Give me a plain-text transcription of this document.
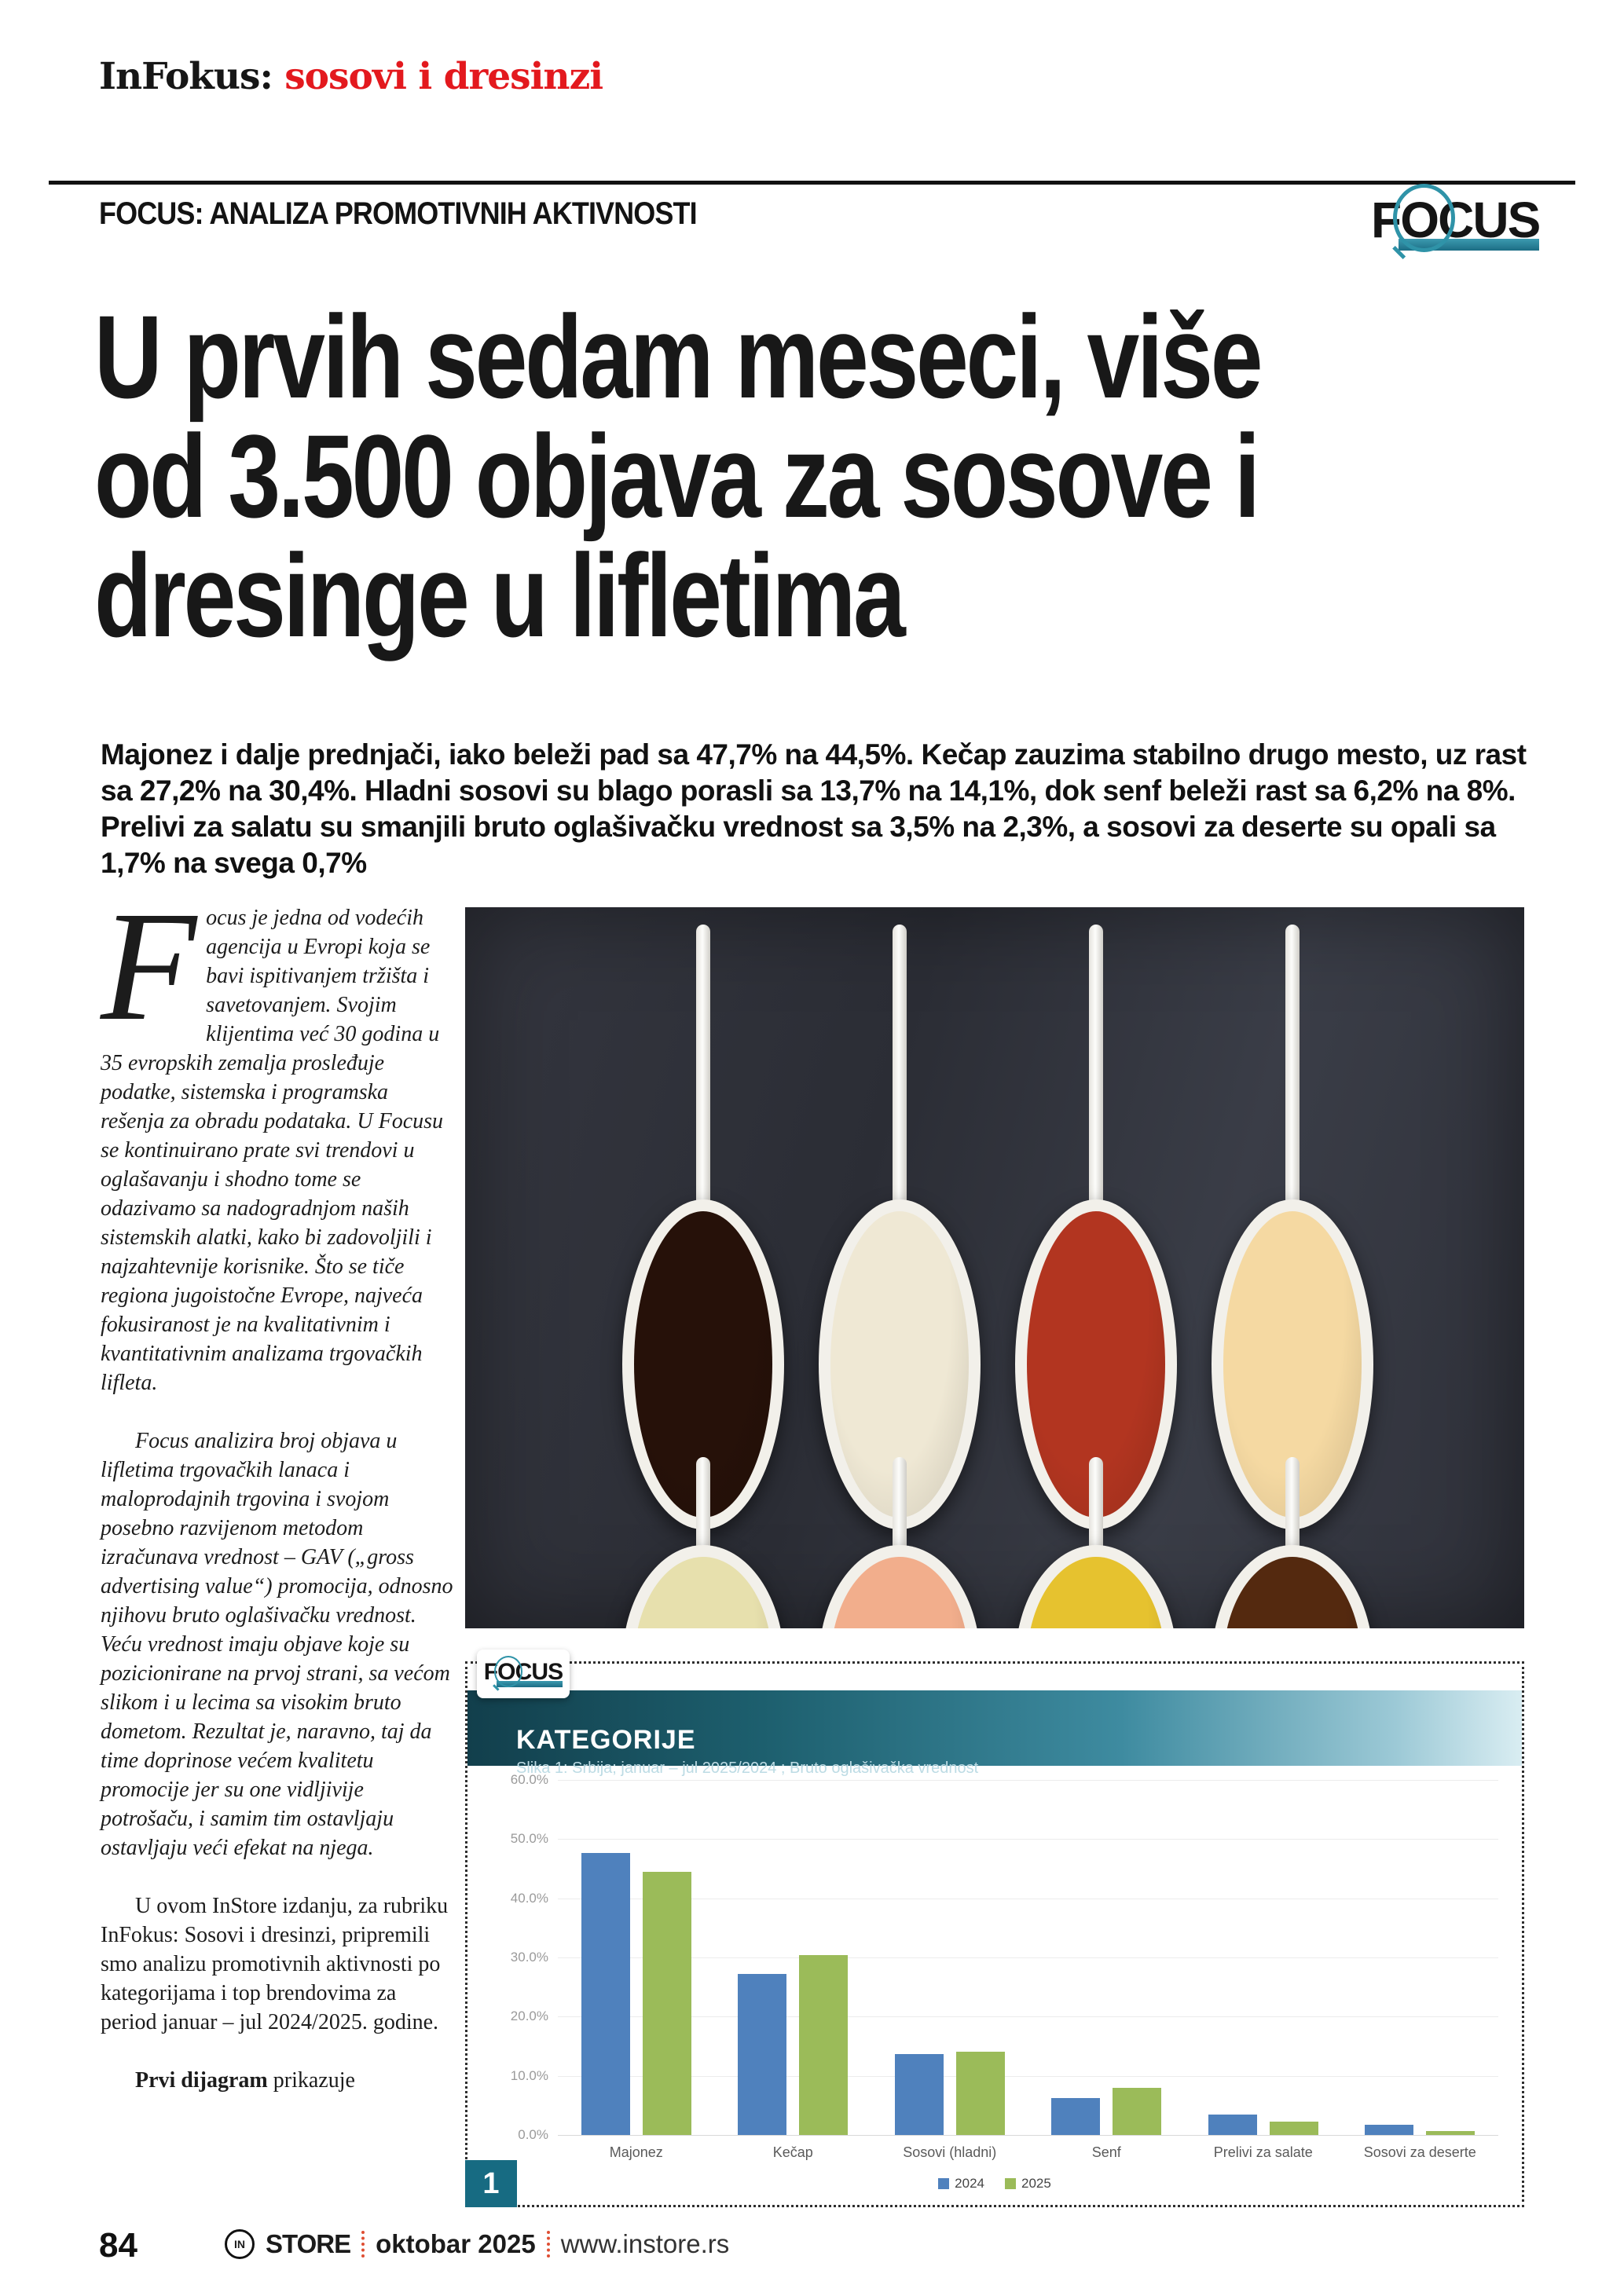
InFokus: sosovi i dresinzi
FOCUS: ANALIZA PROMOTIVNIH AKTIVNOSTI	F
OCUS
U prvih sedam meseci, više
od 3.500 objava za sosove i
dresinge u lifletima

Majonez i dalje prednjači, iako beleži pad sa 47,7% na 44,5%. Kečap zauzima stabilno drugo mesto, uz rast sa 27,2% na 30,4%. Hladni sosovi su blago porasli sa 13,7% na 14,1%, dok senf beleži rast sa 6,2% na 8%. Prelivi za salatu su smanjili bruto oglašivačku vrednost sa 3,5% na 2,3%, a sosovi za deserte su opali sa 1,7% na svega 0,7%

Focus je jedna od vodećih agencija u Evropi koja se bavi ispitivanjem tržišta i savetovanjem. Svojim klijentima već 30 godina u 35 evropskih zemalja prosleđuje podatke, sistemska i programska rešenja za obradu podataka. U Focusu se kontinuirano prate svi trendovi u oglašavanju i shodno tome se odazivamo sa nadogradnjom naših sistemskih alatki, kako bi zadovoljili i najzahtevnije korisnike. Što se tiče regiona jugoistočne Evrope, najveća fokusiranost je na kvalitativnim i kvantitativnim analizama trgovačkih lifleta.

Focus analizira broj objava u lifletima trgovačkih lanaca i maloprodajnih trgovina i svojom posebno razvijenom metodom izračunava vrednost – GAV („gross advertising value“) promocija, odnosno njihovu bruto oglašivačku vrednost. Veću vrednost imaju objave koje su pozicionirane na prvoj strani, sa većom slikom i u lecima sa visokim bruto dometom. Rezultat je, naravno, taj da time doprinose većem kvalitetu promocije jer su one vidljivije potrošaču, i samim tim ostavljaju ostavljaju veći efekat na njega.

U ovom InStore izdanju, za rubriku InFokus: Sosovi i dresinzi, pripremili smo analizu promotivnih aktivnosti po kategorijama i top brendovima za period januar – jul 2024/2025. godine.

Prvi dijagram prikazuje

F
OCUS
KATEGORIJE
Slika 1: Srbija; januar – jul 2025/2024 ; Bruto oglašivačka vrednost
60.0%
50.0%
40.0%
30.0%
20.0%
10.0%
0.0%
Majonez	Kečap	Sosovi (hladni)	Senf	Prelivi za salate	Sosovi za deserte
2024	2025
1
84	IN STORE oktobar 2025 www.instore.rs
